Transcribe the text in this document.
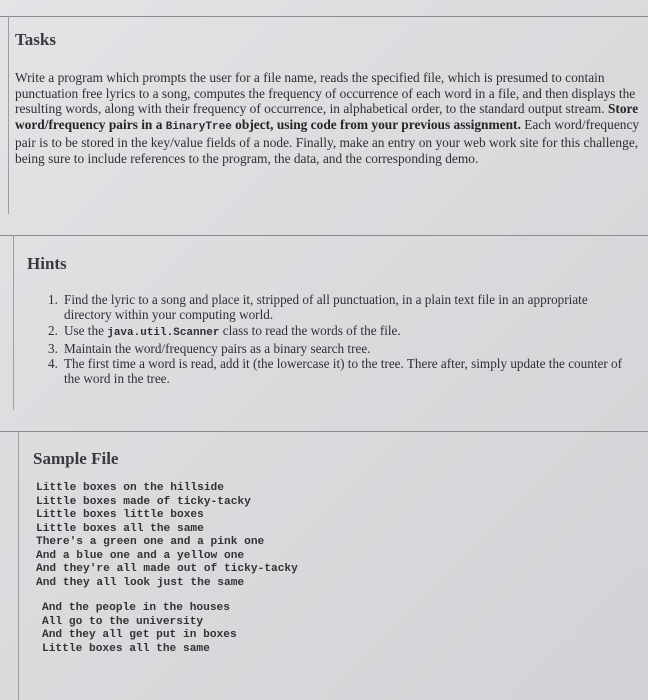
Tasks
Write a program which prompts the user for a file name, reads the specified file, which is presumed to contain punctuation free lyrics to a song, computes the frequency of occurrence of each word in a file, and then displays the resulting words, along with their frequency of occurrence, in alphabetical order, to the standard output stream. Store word/frequency pairs in a BinaryTree object, using code from your previous assignment. Each word/frequency pair is to be stored in the key/value fields of a node. Finally, make an entry on your web work site for this challenge, being sure to include references to the program, the data, and the corresponding demo.
Hints
1. Find the lyric to a song and place it, stripped of all punctuation, in a plain text file in an appropriate directory within your computing world.
2. Use the java.util.Scanner class to read the words of the file.
3. Maintain the word/frequency pairs as a binary search tree.
4. The first time a word is read, add it (the lowercase it) to the tree. There after, simply update the counter of the word in the tree.
Sample File
Little boxes on the hillside
Little boxes made of ticky-tacky
Little boxes little boxes
Little boxes all the same
There's a green one and a pink one
And a blue one and a yellow one
And they're all made out of ticky-tacky
And they all look just the same
And the people in the houses
All go to the university
And they all get put in boxes
Little boxes all the same
